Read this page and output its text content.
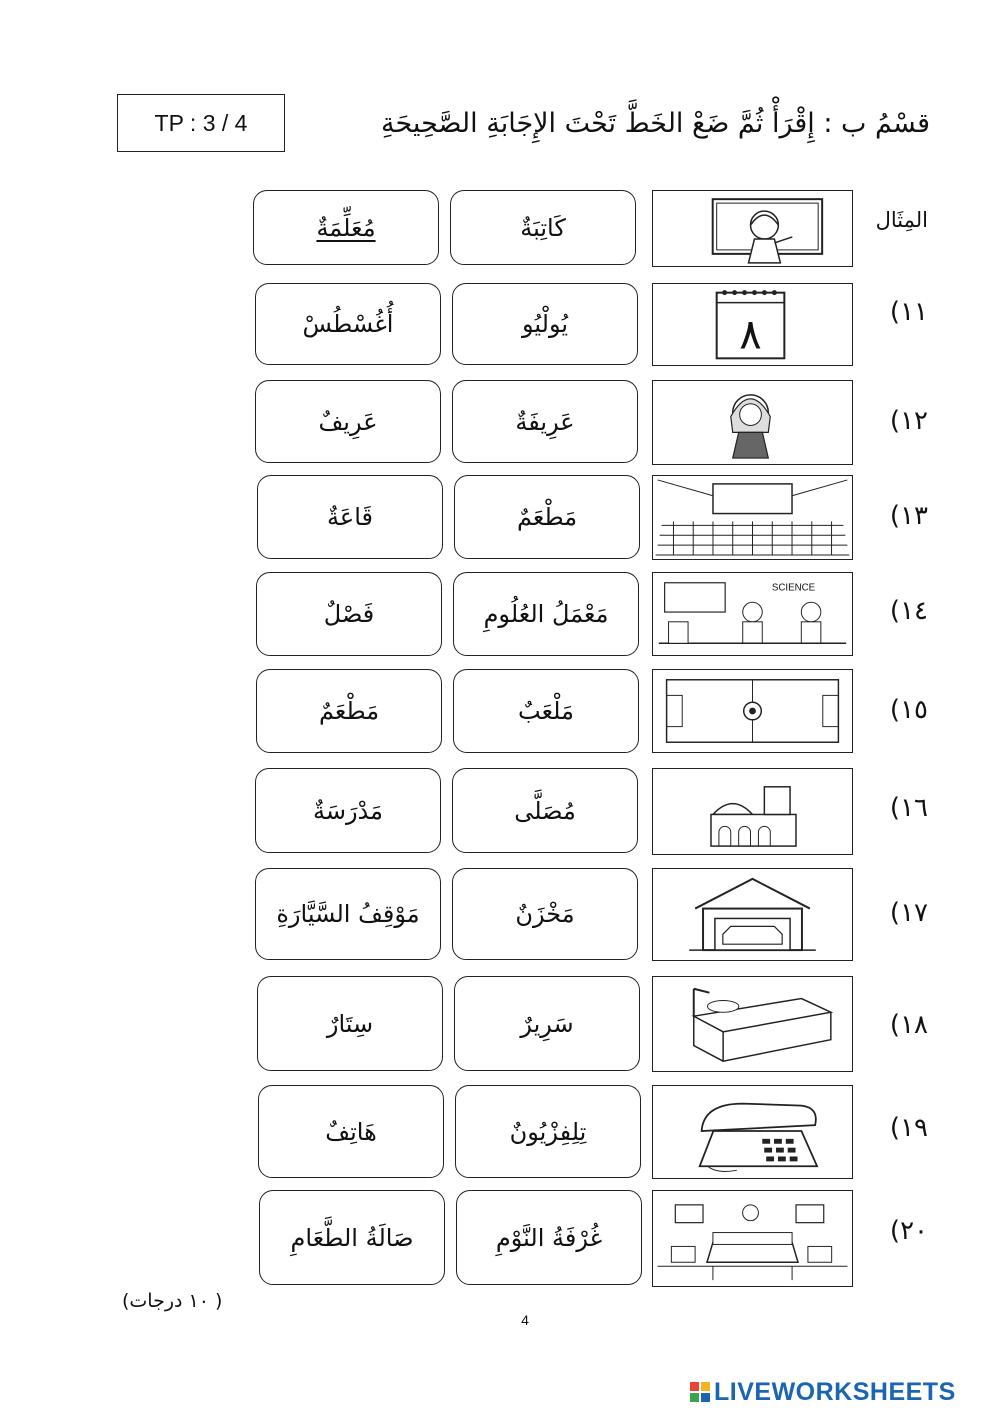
TP : 3 / 4	قسْمُ ب : إِقْرَأْ ثُمَّ ضَعْ الخَطَّ تَحْتَ الإِجَابَةِ الصَّحِيحَةِ
المِثَال
كَاتِبَةٌ
مُعَلِّمَةٌ
١١)
٨
يُولْيُو
أُغُسْطُسْ
١٢)
عَرِيفَةٌ
عَرِيفٌ
١٣)
مَطْعَمٌ
قَاعَةٌ
١٤)
SCIENCE
مَعْمَلُ العُلُومِ
فَصْلٌ
١٥)
مَلْعَبٌ
مَطْعَمٌ
١٦)
مُصَلَّى
مَدْرَسَةٌ
١٧)
مَخْزَنٌ
مَوْقِفُ السَّيَّارَةِ
١٨)
سَرِيرٌ
سِتَارٌ
١٩)
تِلِفِزْيُونٌ
هَاتِفٌ
٢٠)
غُرْفَةُ النَّوْمِ
صَالَةُ الطَّعَامِ
( ١٠ درجات)
4
LIVEWORKSHEETS
